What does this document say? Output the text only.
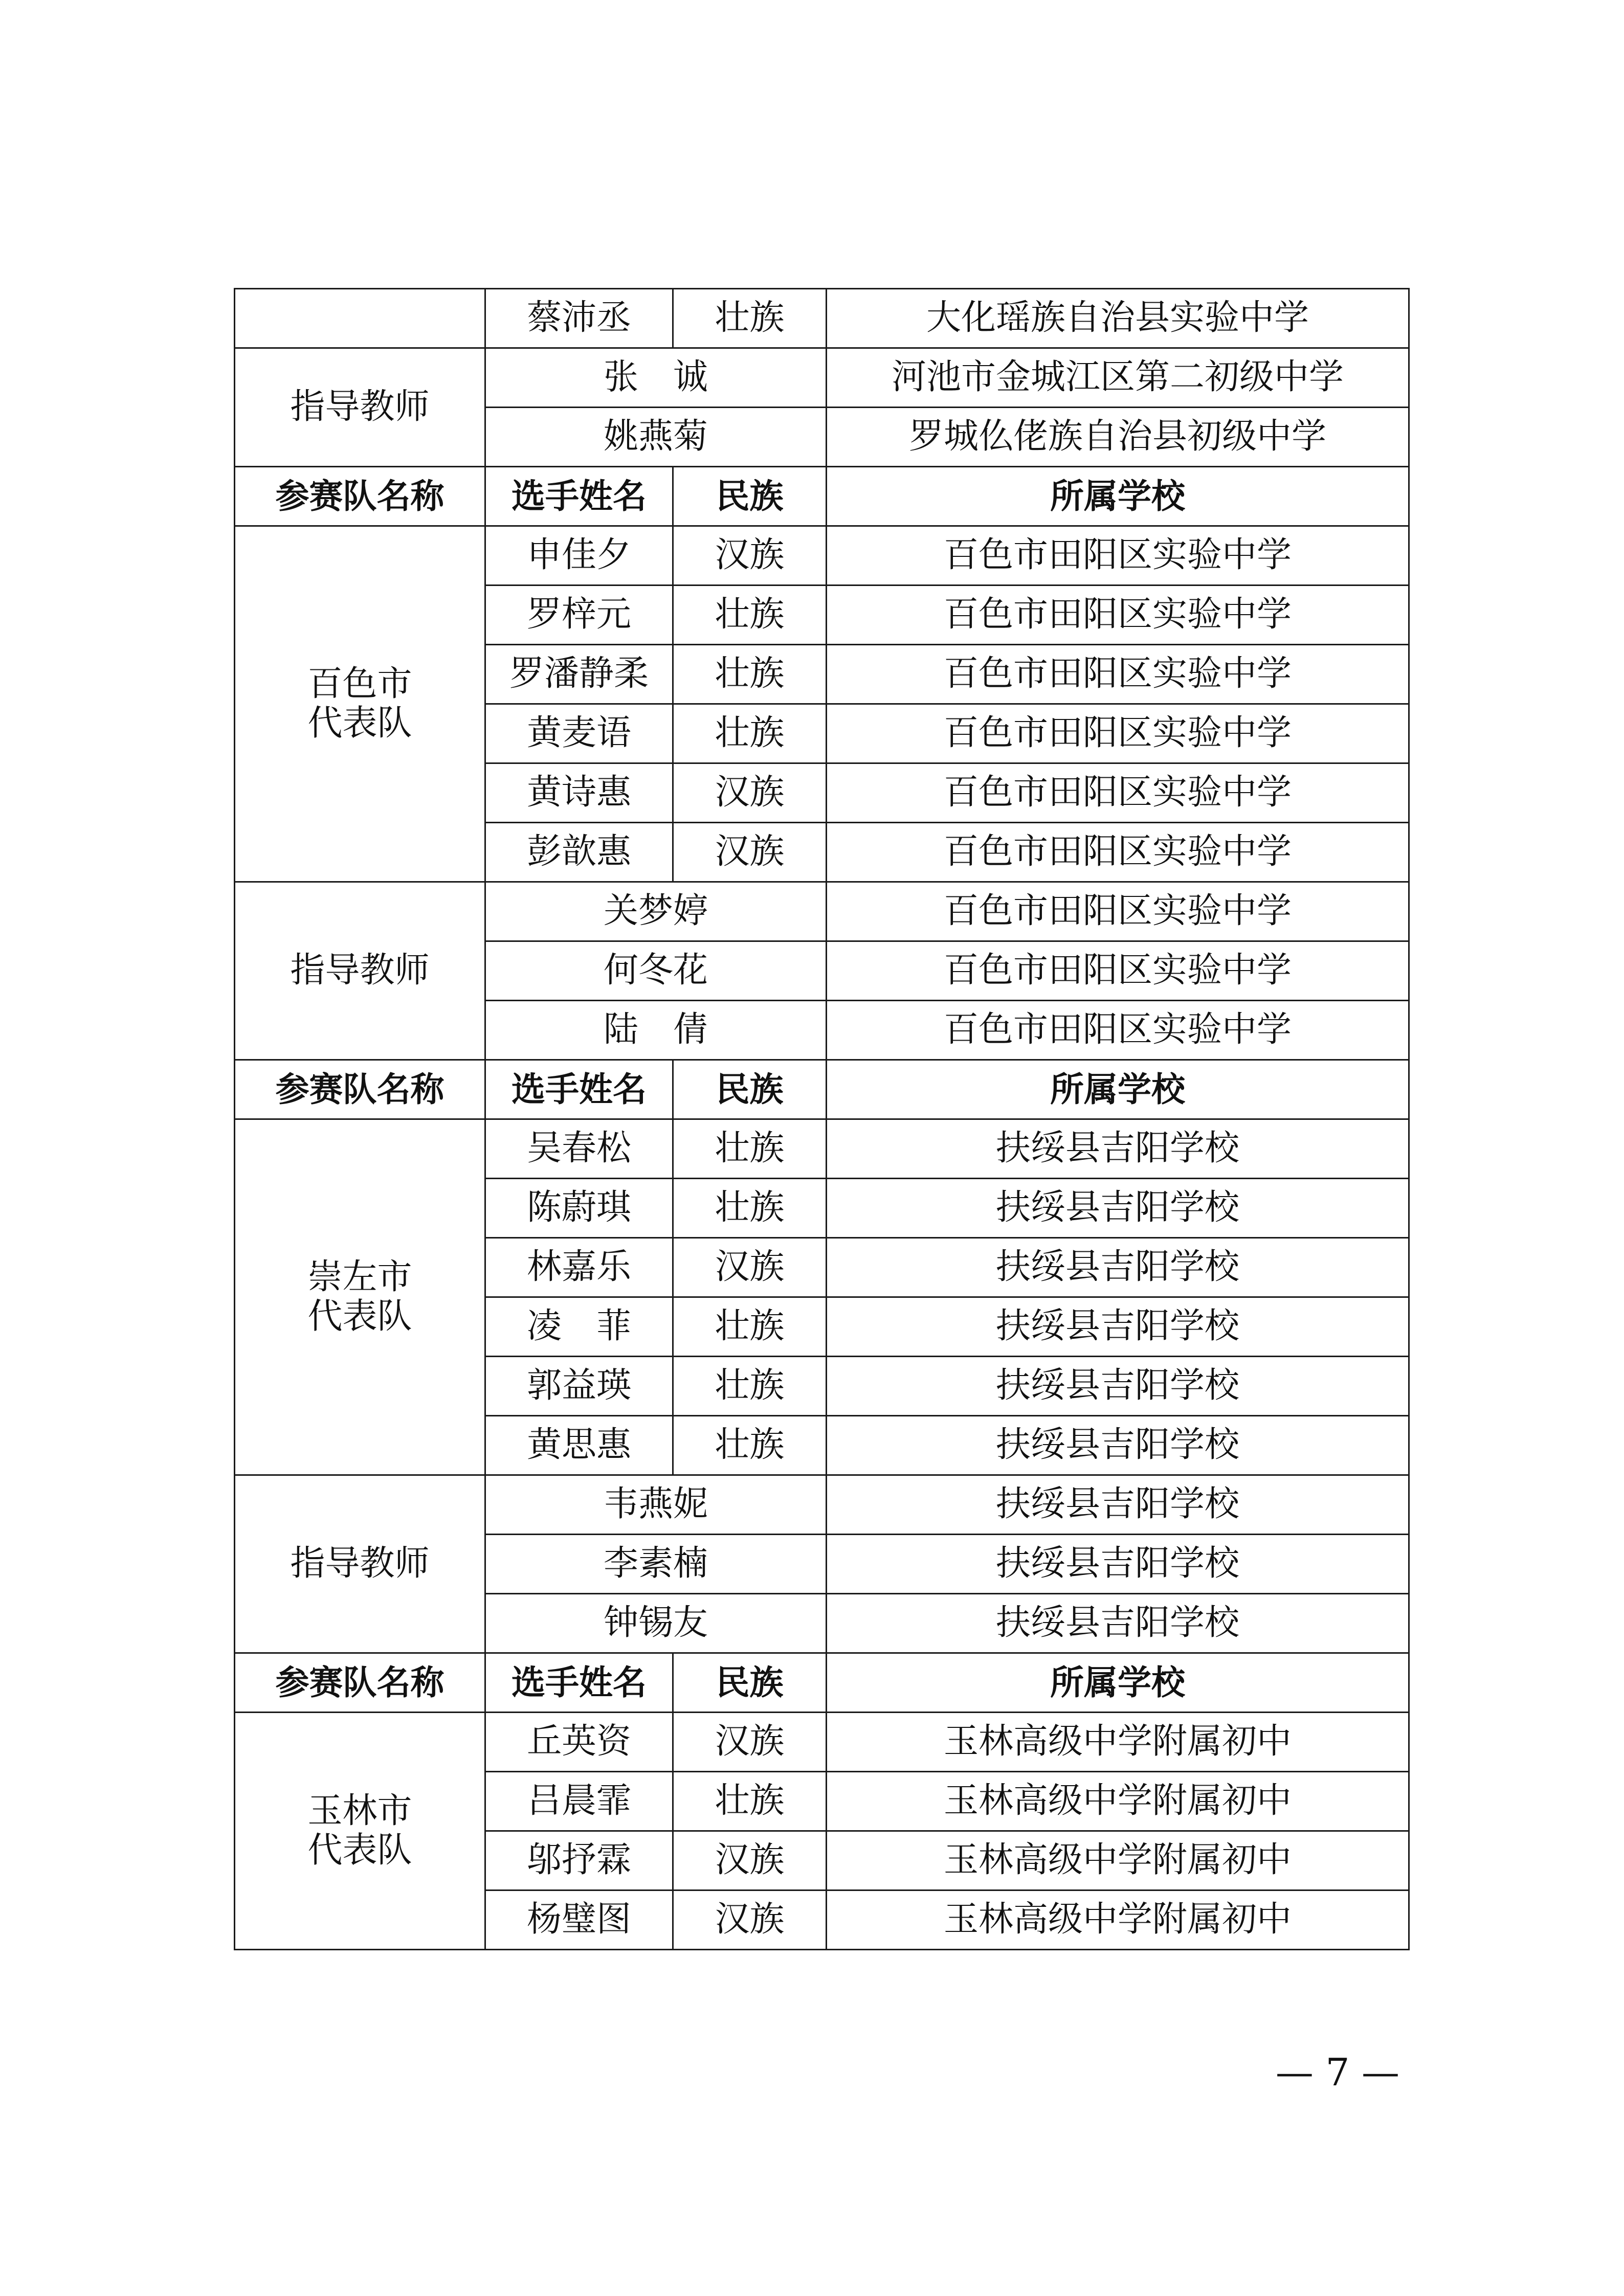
	蔡沛丞	壮族	大化瑶族自治县实验中学
指导教师	张　诚		河池市金城江区第二初级中学
	姚燕菊		罗城仫佬族自治县初级中学
参赛队名称	选手姓名	民族	所属学校

百色市代表队	申佳夕	汉族	百色市田阳区实验中学
	罗梓元	壮族	百色市田阳区实验中学
	罗潘静柔	壮族	百色市田阳区实验中学
	黄麦语	壮族	百色市田阳区实验中学
	黄诗惠	汉族	百色市田阳区实验中学
	彭歆惠	汉族	百色市田阳区实验中学
指导教师	关梦婷		百色市田阳区实验中学
	何冬花		百色市田阳区实验中学
	陆　倩		百色市田阳区实验中学
参赛队名称	选手姓名	民族	所属学校

崇左市代表队	吴春松	壮族	扶绥县吉阳学校
	陈蔚琪	壮族	扶绥县吉阳学校
	林嘉乐	汉族	扶绥县吉阳学校
	凌　菲	壮族	扶绥县吉阳学校
	郭益瑛	壮族	扶绥县吉阳学校
	黄思惠	壮族	扶绥县吉阳学校
指导教师	韦燕妮		扶绥县吉阳学校
	李素楠		扶绥县吉阳学校
	钟锡友		扶绥县吉阳学校
参赛队名称	选手姓名	民族	所属学校

玉林市代表队	丘英资	汉族	玉林高级中学附属初中
	吕晨霏	壮族	玉林高级中学附属初中
	邬抒霖	汉族	玉林高级中学附属初中
	杨璧图	汉族	玉林高级中学附属初中
— 7 —
